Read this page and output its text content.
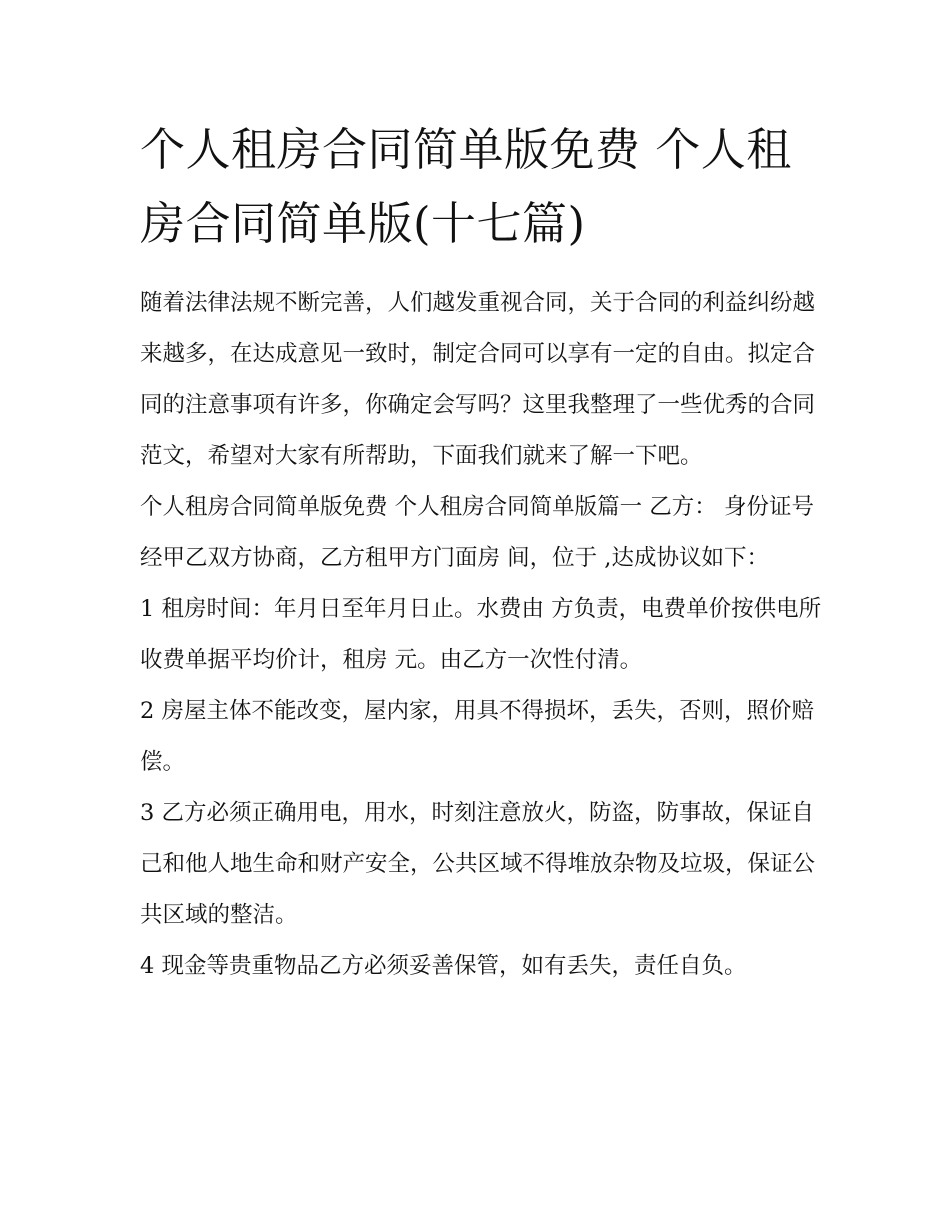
个人租房合同简单版免费 个人租房合同简单版(十七篇)

随着法律法规不断完善，人们越发重视合同，关于合同的利益纠纷越来越多，在达成意见一致时，制定合同可以享有一定的自由。拟定合同的注意事项有许多，你确定会写吗？这里我整理了一些优秀的合同范文，希望对大家有所帮助，下面我们就来了解一下吧。

个人租房合同简单版免费 个人租房合同简单版篇一 乙方： 身份证号 经甲乙双方协商，乙方租甲方门面房 间，位于 ,达成协议如下：

1 租房时间：年月日至年月日止。水费由 方负责，电费单价按供电所收费单据平均价计，租房 元。由乙方一次性付清。

2 房屋主体不能改变，屋内家，用具不得损坏，丢失，否则，照价赔偿。

3 乙方必须正确用电，用水，时刻注意放火，防盗，防事故，保证自己和他人地生命和财产安全，公共区域不得堆放杂物及垃圾，保证公共区域的整洁。

4 现金等贵重物品乙方必须妥善保管，如有丢失，责任自负。
